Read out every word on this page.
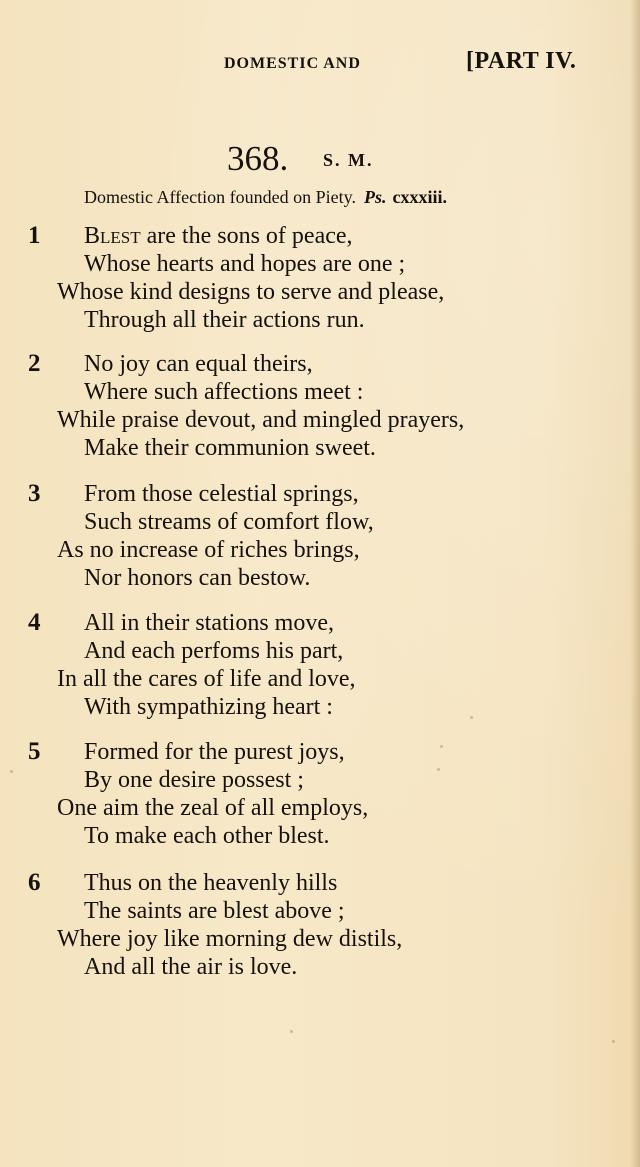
DOMESTIC AND	[PART IV.
368. S. M.
Domestic Affection founded on Piety. Ps. cxxxiii.
1 Blest are the sons of peace,
Whose hearts and hopes are one ;
Whose kind designs to serve and please,
Through all their actions run.
2 No joy can equal theirs,
Where such affections meet :
While praise devout, and mingled prayers,
Make their communion sweet.
3 From those celestial springs,
Such streams of comfort flow,
As no increase of riches brings,
Nor honors can bestow.
4 All in their stations move,
And each perfoms his part,
In all the cares of life and love,
With sympathizing heart :
5 Formed for the purest joys,
By one desire possest ;
One aim the zeal of all employs,
To make each other blest.
6 Thus on the heavenly hills
The saints are blest above ;
Where joy like morning dew distils,
And all the air is love.
